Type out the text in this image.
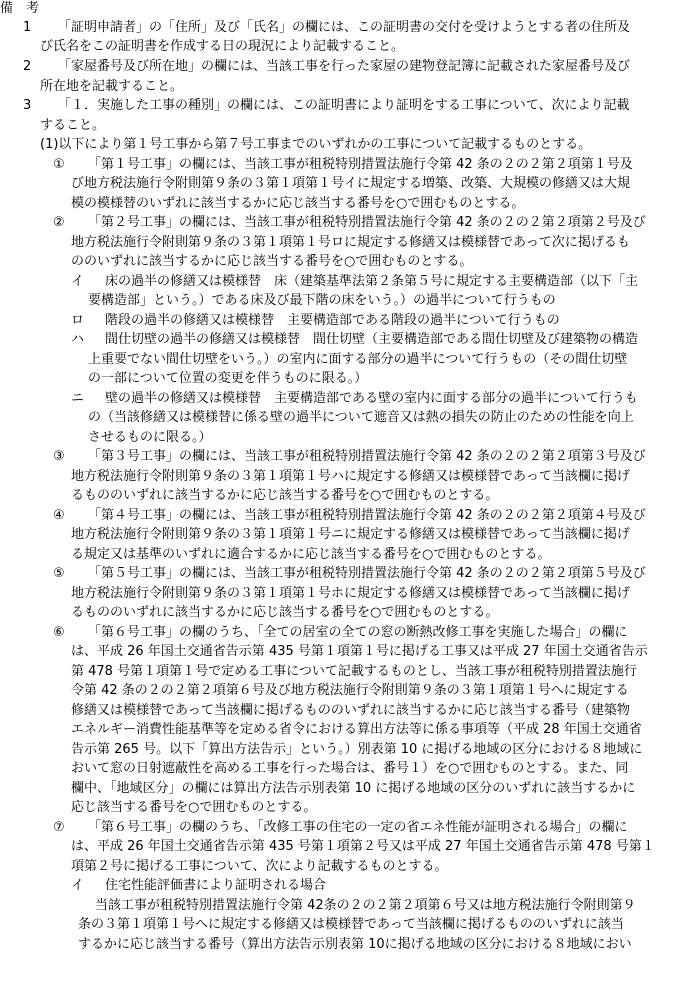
備　考
1 「証明申請者」の「住所」及び「氏名」の欄には、この証明書の交付を受けようとする者の住所及
び氏名をこの証明書を作成する日の現況により記載すること。
2 「家屋番号及び所在地」の欄には、当該工事を行った家屋の建物登記簿に記載された家屋番号及び
所在地を記載すること。
3 「１．実施した工事の種別」の欄には、この証明書により証明をする工事について、次により記載
すること。
(1)以下により第１号工事から第７号工事までのいずれかの工事について記載するものとする。
① 「第１号工事」の欄には、当該工事が租税特別措置法施行令第 42 条の２の２第２項第１号及
び地方税法施行令附則第９条の３第１項第１号イに規定する増築、改築、大規模の修繕又は大規
模の模様替のいずれに該当するかに応じ該当する番号を○で囲むものとする。
② 「第２号工事」の欄には、当該工事が租税特別措置法施行令第 42 条の２の２第２項第２号及び
地方税法施行令附則第９条の３第１項第１号ロに規定する修繕又は模様替であって次に掲げるも
ののいずれに該当するかに応じ該当する番号を○で囲むものとする。
イ 床の過半の修繕又は模様替　床（建築基準法第２条第５号に規定する主要構造部（以下「主
要構造部」という。）である床及び最下階の床をいう。）の過半について行うもの
ロ 階段の過半の修繕又は模様替　主要構造部である階段の過半について行うもの
ハ 間仕切壁の過半の修繕又は模様替　間仕切壁（主要構造部である間仕切壁及び建築物の構造
上重要でない間仕切壁をいう。）の室内に面する部分の過半について行うもの（その間仕切壁
の一部について位置の変更を伴うものに限る。）
ニ 壁の過半の修繕又は模様替　主要構造部である壁の室内に面する部分の過半について行うも
の（当該修繕又は模様替に係る壁の過半について遮音又は熱の損失の防止のための性能を向上
させるものに限る。）
③ 「第３号工事」の欄には、当該工事が租税特別措置法施行令第 42 条の２の２第２項第３号及び
地方税法施行令附則第９条の３第１項第１号ハに規定する修繕又は模様替であって当該欄に掲げ
るもののいずれに該当するかに応じ該当する番号を○で囲むものとする。
④ 「第４号工事」の欄には、当該工事が租税特別措置法施行令第 42 条の２の２第２項第４号及び
地方税法施行令附則第９条の３第１項第１号ニに規定する修繕又は模様替であって当該欄に掲げ
る規定又は基準のいずれに適合するかに応じ該当する番号を○で囲むものとする。
⑤ 「第５号工事」の欄には、当該工事が租税特別措置法施行令第 42 条の２の２第２項第５号及び
地方税法施行令附則第９条の３第１項第１号ホに規定する修繕又は模様替であって当該欄に掲げ
るもののいずれに該当するかに応じ該当する番号を○で囲むものとする。
⑥ 「第６号工事」の欄のうち、「全ての居室の全ての窓の断熱改修工事を実施した場合」の欄に
は、平成 26 年国土交通省告示第 435 号第１項第１号に掲げる工事又は平成 27 年国土交通省告示
第 478 号第１項第１号で定める工事について記載するものとし、当該工事が租税特別措置法施行
令第 42 条の２の２第２項第６号及び地方税法施行令附則第９条の３第１項第１号へに規定する
修繕又は模様替であって当該欄に掲げるもののいずれに該当するかに応じ該当する番号（建築物
エネルギー消費性能基準等を定める省令における算出方法等に係る事項等（平成 28 年国土交通省
告示第 265 号。以下「算出方法告示」という。）別表第 10 に掲げる地域の区分における８地域に
おいて窓の日射遮蔽性を高める工事を行った場合は、番号１）を○で囲むものとする。また、同
欄中、「地域区分」の欄には算出方法告示別表第 10 に掲げる地域の区分のいずれに該当するかに
応じ該当する番号を○で囲むものとする。
⑦ 「第６号工事」の欄のうち、「改修工事の住宅の一定の省エネ性能が証明される場合」の欄に
は、平成 26 年国土交通省告示第 435 号第１項第２号又は平成 27 年国土交通省告示第 478 号第１
項第２号に掲げる工事について、次により記載するものとする。
イ 住宅性能評価書により証明される場合
当該工事が租税特別措置法施行令第 42条の２の２第２項第６号又は地方税法施行令附則第９
条の３第１項第１号へに規定する修繕又は模様替であって当該欄に掲げるもののいずれに該当
するかに応じ該当する番号（算出方法告示別表第 10に掲げる地域の区分における８地域におい
